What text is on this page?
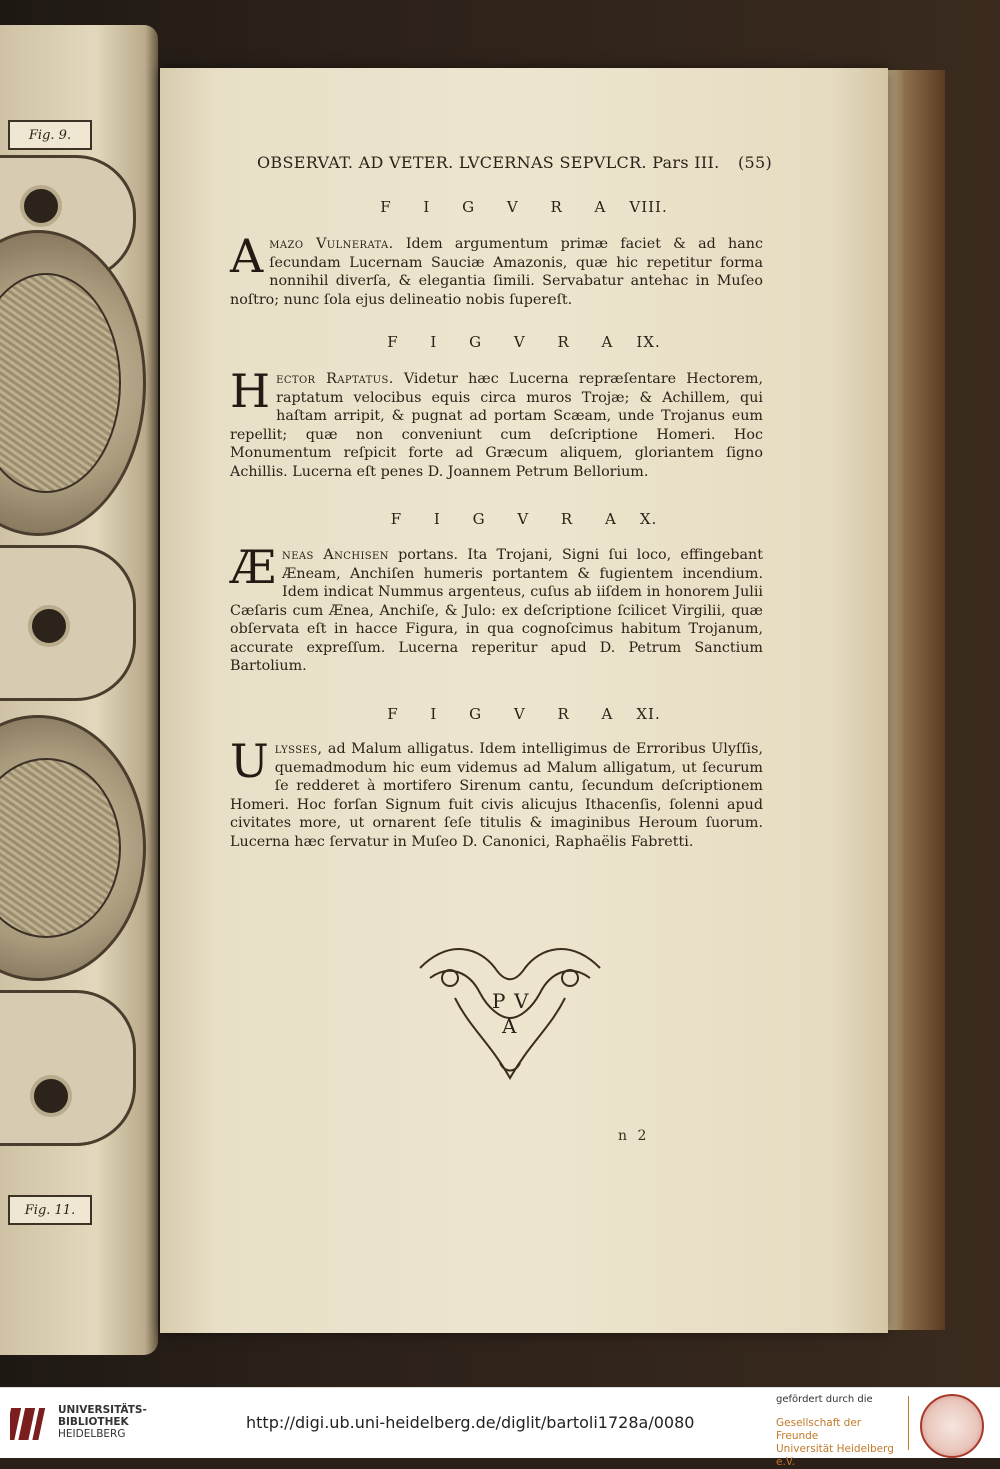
Fig. 9.
Fig. 11.
OBSERVAT. AD VETER. LVCERNAS SEPVLCR. Pars III. (55)
F I G V R A VIII.

Amazo Vulnerata. Idem argumentum primæ faciet & ad hanc ſecundam Lucernam Sauciæ Amazonis, quæ hic repetitur forma nonnihil diverſa, & elegantia ſimili. Servabatur antehac in Muſeo noſtro; nunc ſola ejus delineatio nobis ſupereſt.

F I G V R A IX.

Hector Raptatus. Videtur hæc Lucerna repræſentare Hectorem, raptatum velocibus equis circa muros Trojæ; & Achillem, qui haſtam arripit, & pugnat ad portam Scæam, unde Trojanus eum repellit; quæ non conveniunt cum deſcriptione Homeri. Hoc Monumentum reſpicit forte ad Græcum aliquem, gloriantem ſigno Achillis. Lucerna eſt penes D. Joannem Petrum Bellorium.

F I G V R A X.

Æneas Anchisen portans. Ita Trojani, Signi ſui loco, effingebant Æneam, Anchiſen humeris portantem & fugientem incendium. Idem indicat Nummus argenteus, cuſus ab iiſdem in honorem Julii Cæſaris cum Ænea, Anchiſe, & Julo: ex deſcriptione ſcilicet Virgilii, quæ obſervata eſt in hacce Figura, in qua cognoſcimus habitum Trojanum, accurate expreſſum. Lucerna reperitur apud D. Petrum Sanctium Bartolium.

F I G V R A XI.

Ulysses, ad Malum alligatus. Idem intelligimus de Erroribus Ulyſſis, quemadmodum hic eum videmus ad Malum alligatum, ut ſecurum ſe redderet à mortifero Sirenum cantu, ſecundum deſcriptionem Homeri. Hoc forſan Signum fuit civis alicujus Ithacenſis, ſolenni apud civitates more, ut ornarent ſeſe titulis & imaginibus Heroum ſuorum. Lucerna hæc ſervatur in Muſeo D. Canonici, Raphaëlis Fabretti.

P V
A
n 2
UNIVERSITÄTS-
BIBLIOTHEK
HEIDELBERG
http://digi.ub.uni-heidelberg.de/diglit/bartoli1728a/0080
gefördert durch die
Gesellschaft der Freunde
Universität Heidelberg e.V.
